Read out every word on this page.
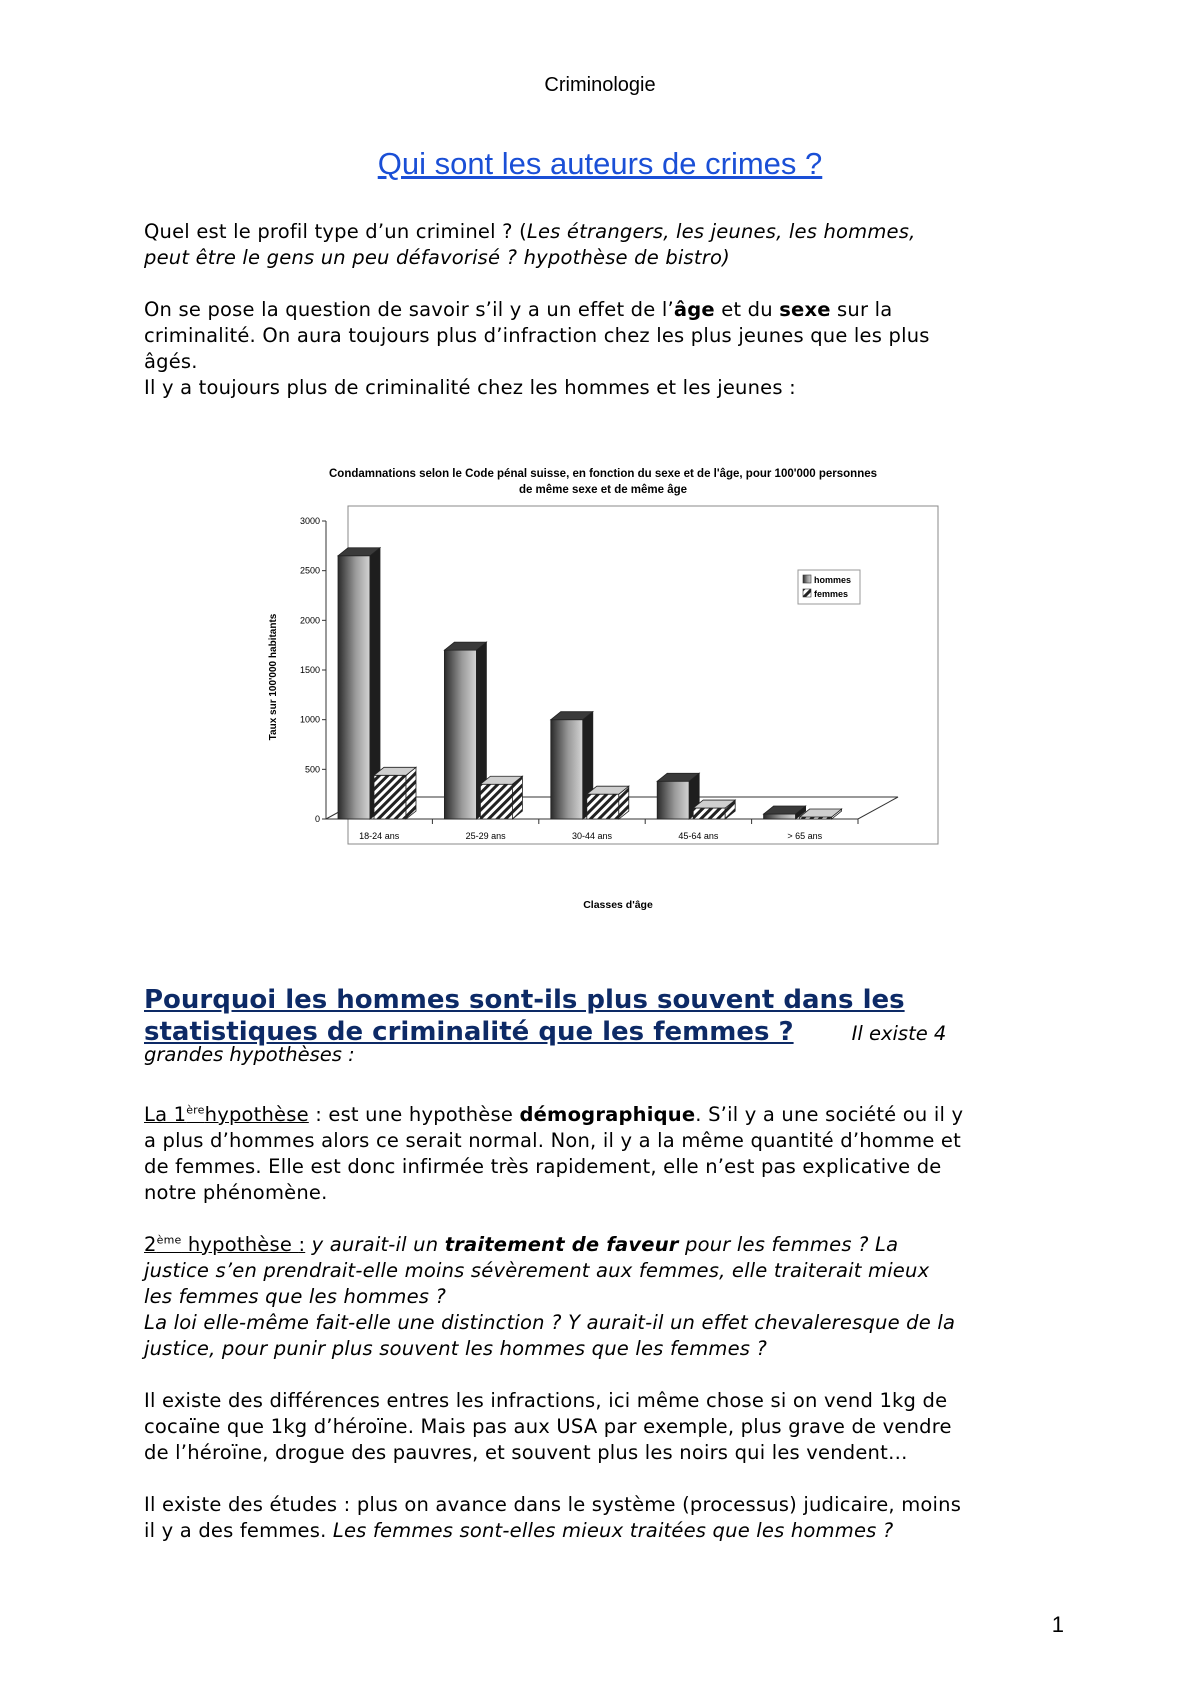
Criminologie
Qui sont les auteurs de crimes ?

Quel est le profil type d’un criminel ? (Les étrangers, les jeunes, les hommes,

peut être le gens un peu défavorisé ? hypothèse de bistro)

On se pose la question de savoir s’il y a un effet de l’âge et du sexe sur la

criminalité. On aura toujours plus d’infraction chez les plus jeunes que les plus

âgés.

Il y a toujours plus de criminalité chez les hommes et les jeunes :

Condamnations selon le Code pénal suisse, en fonction du sexe et de l'âge, pour 100'000 personnes
de même sexe et de même âge
0
500
1000
1500
2000
2500
3000
18-24 ans	25-29 ans	30-44 ans	45-64 ans	> 65 ans
Taux sur 100'000 habitants
Classes d'âge
hommes
femmes
Pourquoi les hommes sont-ils plus souvent dans les
statistiques de criminalité que les femmes ?	Il existe 4
grandes hypothèses :

La 1èrehypothèse : est une hypothèse démographique. S’il y a une société ou il y

a plus d’hommes alors ce serait normal. Non, il y a la même quantité d’homme et

de femmes. Elle est donc infirmée très rapidement, elle n’est pas explicative de

notre phénomène.

2ème hypothèse : y aurait-il un traitement de faveur pour les femmes ? La

justice s’en prendrait-elle moins sévèrement aux femmes, elle traiterait mieux

les femmes que les hommes ?

La loi elle-même fait-elle une distinction ? Y aurait-il un effet chevaleresque de la

justice, pour punir plus souvent les hommes que les femmes ?

Il existe des différences entres les infractions, ici même chose si on vend 1kg de

cocaïne que 1kg d’héroïne. Mais pas aux USA par exemple, plus grave de vendre

de l’héroïne, drogue des pauvres, et souvent plus les noirs qui les vendent…

Il existe des études : plus on avance dans le système (processus) judicaire, moins

il y a des femmes. Les femmes sont-elles mieux traitées que les hommes ?

1
